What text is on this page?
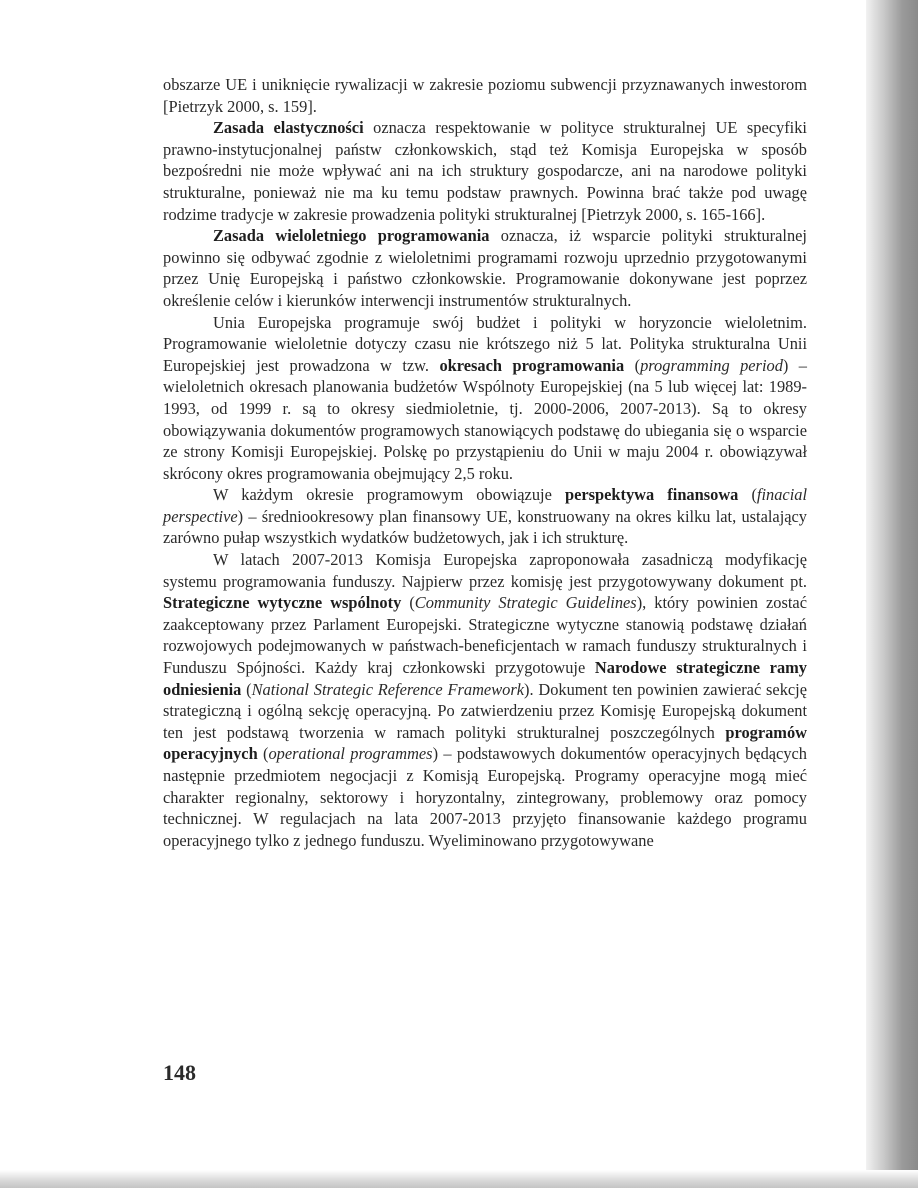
obszarze UE i uniknięcie rywalizacji w zakresie poziomu subwencji przyznawanych inwestorom [Pietrzyk 2000, s. 159].

Zasada elastyczności oznacza respektowanie w polityce strukturalnej UE specyfiki prawno-instytucjonalnej państw członkowskich, stąd też Komisja Europejska w sposób bezpośredni nie może wpływać ani na ich struktury gospodarcze, ani na narodowe polityki strukturalne, ponieważ nie ma ku temu podstaw prawnych. Powinna brać także pod uwagę rodzime tradycje w zakresie prowadzenia polityki strukturalnej [Pietrzyk 2000, s. 165-166].

Zasada wieloletniego programowania oznacza, iż wsparcie polityki strukturalnej powinno się odbywać zgodnie z wieloletnimi programami rozwoju uprzednio przygotowanymi przez Unię Europejską i państwo członkowskie. Programowanie dokonywane jest poprzez określenie celów i kierunków interwencji instrumentów strukturalnych.

Unia Europejska programuje swój budżet i polityki w horyzoncie wieloletnim. Programowanie wieloletnie dotyczy czasu nie krótszego niż 5 lat. Polityka strukturalna Unii Europejskiej jest prowadzona w tzw. okresach programowania (programming period) – wieloletnich okresach planowania budżetów Wspólnoty Europejskiej (na 5 lub więcej lat: 1989-1993, od 1999 r. są to okresy siedmioletnie, tj. 2000-2006, 2007-2013). Są to okresy obowiązywania dokumentów programowych stanowiących podstawę do ubiegania się o wsparcie ze strony Komisji Europejskiej. Polskę po przystąpieniu do Unii w maju 2004 r. obowiązywał skrócony okres programowania obejmujący 2,5 roku.

W każdym okresie programowym obowiązuje perspektywa finansowa (finacial perspective) – średniookresowy plan finansowy UE, konstruowany na okres kilku lat, ustalający zarówno pułap wszystkich wydatków budżetowych, jak i ich strukturę.

W latach 2007-2013 Komisja Europejska zaproponowała zasadniczą modyfikację systemu programowania funduszy. Najpierw przez komisję jest przygotowywany dokument pt. Strategiczne wytyczne wspólnoty (Community Strategic Guidelines), który powinien zostać zaakceptowany przez Parlament Europejski. Strategiczne wytyczne stanowią podstawę działań rozwojowych podejmowanych w państwach-beneficjentach w ramach funduszy strukturalnych i Funduszu Spójności. Każdy kraj członkowski przygotowuje Narodowe strategiczne ramy odniesienia (National Strategic Reference Framework). Dokument ten powinien zawierać sekcję strategiczną i ogólną sekcję operacyjną. Po zatwierdzeniu przez Komisję Europejską dokument ten jest podstawą tworzenia w ramach polityki strukturalnej poszczególnych programów operacyjnych (operational programmes) – podstawowych dokumentów operacyjnych będących następnie przedmiotem negocjacji z Komisją Europejską. Programy operacyjne mogą mieć charakter regionalny, sektorowy i horyzontalny, zintegrowany, problemowy oraz pomocy technicznej. W regulacjach na lata 2007-2013 przyjęto finansowanie każdego programu operacyjnego tylko z jednego funduszu. Wyeliminowano przygotowywane

148
